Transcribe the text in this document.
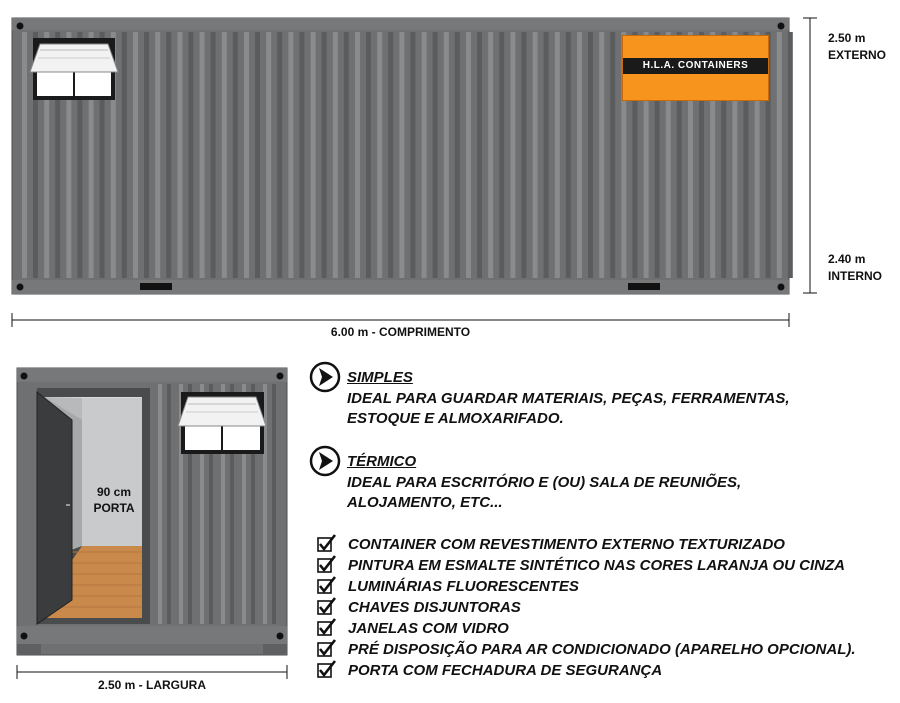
H.L.A. CONTAINERS
2.50 m
EXTERNO
2.40 m
INTERNO
6.00 m - COMPRIMENTO
2.50 m - LARGURA
90 cm
PORTA
SIMPLES
IDEAL PARA GUARDAR MATERIAIS, PEÇAS, FERRAMENTAS,
ESTOQUE E ALMOXARIFADO.
TÉRMICO
IDEAL PARA ESCRITÓRIO E (OU) SALA DE REUNIÕES,
ALOJAMENTO, ETC...
CONTAINER COM REVESTIMENTO EXTERNO TEXTURIZADO
PINTURA EM ESMALTE SINTÉTICO NAS CORES LARANJA OU CINZA
LUMINÁRIAS FLUORESCENTES
CHAVES DISJUNTORAS
JANELAS COM VIDRO
PRÉ DISPOSIÇÃO PARA AR CONDICIONADO (APARELHO OPCIONAL).
PORTA COM FECHADURA DE SEGURANÇA
